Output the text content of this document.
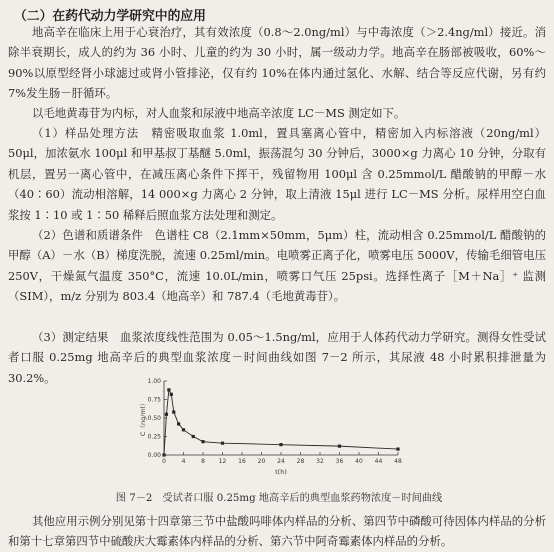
（二）在药代动力学研究中的应用

地高辛在临床上用于心衰治疗，其有效浓度（0.8～2.0ng/ml）与中毒浓度（＞2.4ng/ml）接近。消除半衰期长，成人的约为 36 小时、儿童的约为 30 小时，属一级动力学。地高辛在肠部被吸收，60%～90%以原型经肾小球滤过或肾小管排泌，仅有约 10%在体内通过氢化、水解、结合等反应代谢，另有约 7%发生肠－肝循环。

以毛地黄毒苷为内标，对人血浆和尿液中地高辛浓度 LC－MS 测定如下。

（1）样品处理方法　精密吸取血浆 1.0ml，置具塞离心管中，精密加入内标溶液（20ng/ml）50μl，加浓氨水 100μl 和甲基叔丁基醚 5.0ml，振荡混匀 30 分钟后，3000×g 力离心 10 分钟，分取有机层，置另一离心管中，在减压离心条件下挥干，残留物用 100μl 含 0.25mmol/L 醋酸钠的甲醇－水（40∶60）流动相溶解，14 000×g 力离心 2 分钟，取上清液 15μl 进行 LC－MS 分析。尿样用空白血浆按 1∶10 或 1∶50 稀释后照血浆方法处理和测定。

（2）色谱和质谱条件　色谱柱 C8（2.1mm×50mm，5μm）柱，流动相含 0.25mmol/L 醋酸钠的甲醇（A）－水（B）梯度洗脱，流速 0.25ml/min。电喷雾正离子化，喷雾电压 5000V，传输毛细管电压 250V，干燥氮气温度 350°C，流速 10.0L/min，喷雾口气压 25psi。选择性离子［M＋Na］⁺ 监测（SIM），m/z 分别为 803.4（地高辛）和 787.4（毛地黄毒苷）。

（3）测定结果　血浆浓度线性范围为 0.05～1.5ng/ml，应用于人体药代动力学研究。测得女性受试者口服 0.25mg 地高辛后的典型血浆浓度－时间曲线如图 7－2 所示，其尿液 48 小时累积排泄量为 30.2%。

0.00
0.25
0.50
0.75
1.00
0	4	8 12 16 20 24 28 32 36 40 44 48
t(h)
C（ng/ml）
图 7－2　受试者口服 0.25mg 地高辛后的典型血浆药物浓度－时间曲线

其他应用示例分别见第十四章第三节中盐酸吗啡体内样品的分析、第四节中磷酸可待因体内样品的分析和第十七章第四节中硫酸庆大霉素体内样品的分析、第六节中阿奇霉素体内样品的分析。
